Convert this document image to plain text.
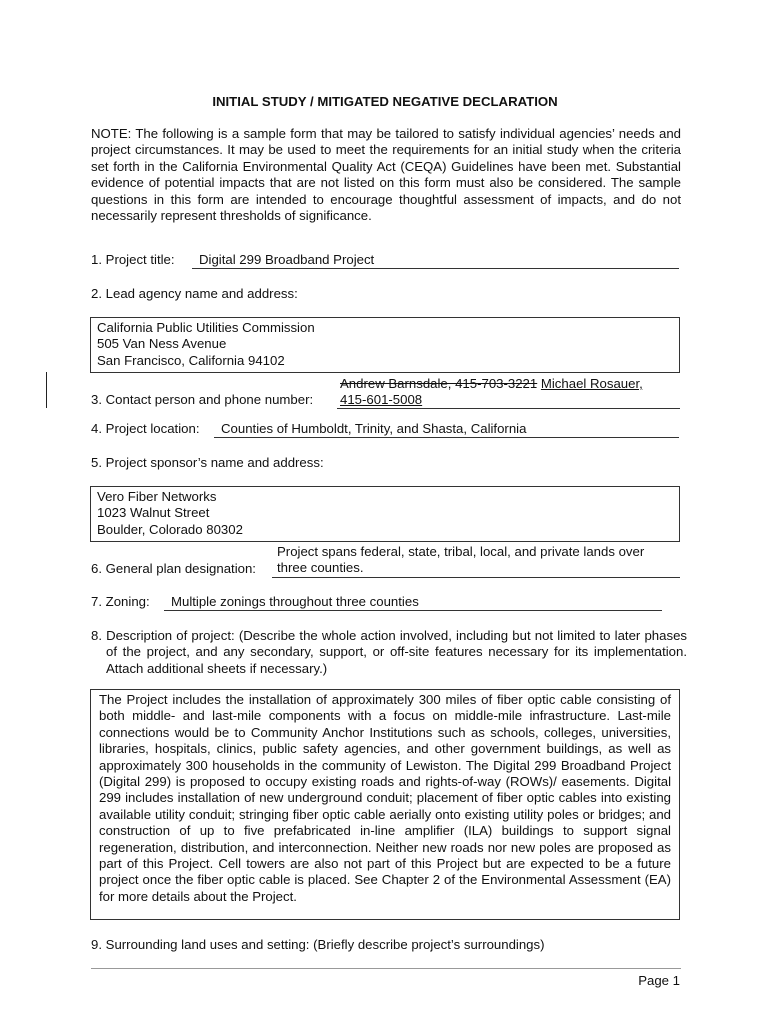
INITIAL STUDY / MITIGATED NEGATIVE DECLARATION
NOTE: The following is a sample form that may be tailored to satisfy individual agencies’ needs and project circumstances. It may be used to meet the requirements for an initial study when the criteria set forth in the California Environmental Quality Act (CEQA) Guidelines have been met. Substantial evidence of potential impacts that are not listed on this form must also be considered. The sample questions in this form are intended to encourage thoughtful assessment of impacts, and do not necessarily represent thresholds of significance.
1. Project title:	Digital 299 Broadband Project
2. Lead agency name and address:
California Public Utilities Commission
505 Van Ness Avenue
San Francisco, California 94102
3. Contact person and phone number:
Andrew Barnsdale, 415-703-3221 Michael Rosauer,
415-601-5008
4. Project location:	Counties of Humboldt, Trinity, and Shasta, California
5. Project sponsor’s name and address:
Vero Fiber Networks
1023 Walnut Street
Boulder, Colorado 80302
6. General plan designation:
Project spans federal, state, tribal, local, and private lands over
three counties.
7. Zoning:	Multiple zonings throughout three counties
8. Description of project: (Describe the whole action involved, including but not limited to later phases of the project, and any secondary, support, or off-site features necessary for its implementation. Attach additional sheets if necessary.)
The Project includes the installation of approximately 300 miles of fiber optic cable consisting of both middle- and last-mile components with a focus on middle-mile infrastructure. Last-mile connections would be to Community Anchor Institutions such as schools, colleges, universities, libraries, hospitals, clinics, public safety agencies, and other government buildings, as well as approximately 300 households in the community of Lewiston. The Digital 299 Broadband Project (Digital 299) is proposed to occupy existing roads and rights-of-way (ROWs)/ easements. Digital 299 includes installation of new underground conduit; placement of fiber optic cables into existing available utility conduit; stringing fiber optic cable aerially onto existing utility poles or bridges; and construction of up to five prefabricated in-line amplifier (ILA) buildings to support signal regeneration, distribution, and interconnection. Neither new roads nor new poles are proposed as part of this Project. Cell towers are also not part of this Project but are expected to be a future project once the fiber optic cable is placed. See Chapter 2 of the Environmental Assessment (EA) for more details about the Project.
9. Surrounding land uses and setting: (Briefly describe project’s surroundings)
Page 1
